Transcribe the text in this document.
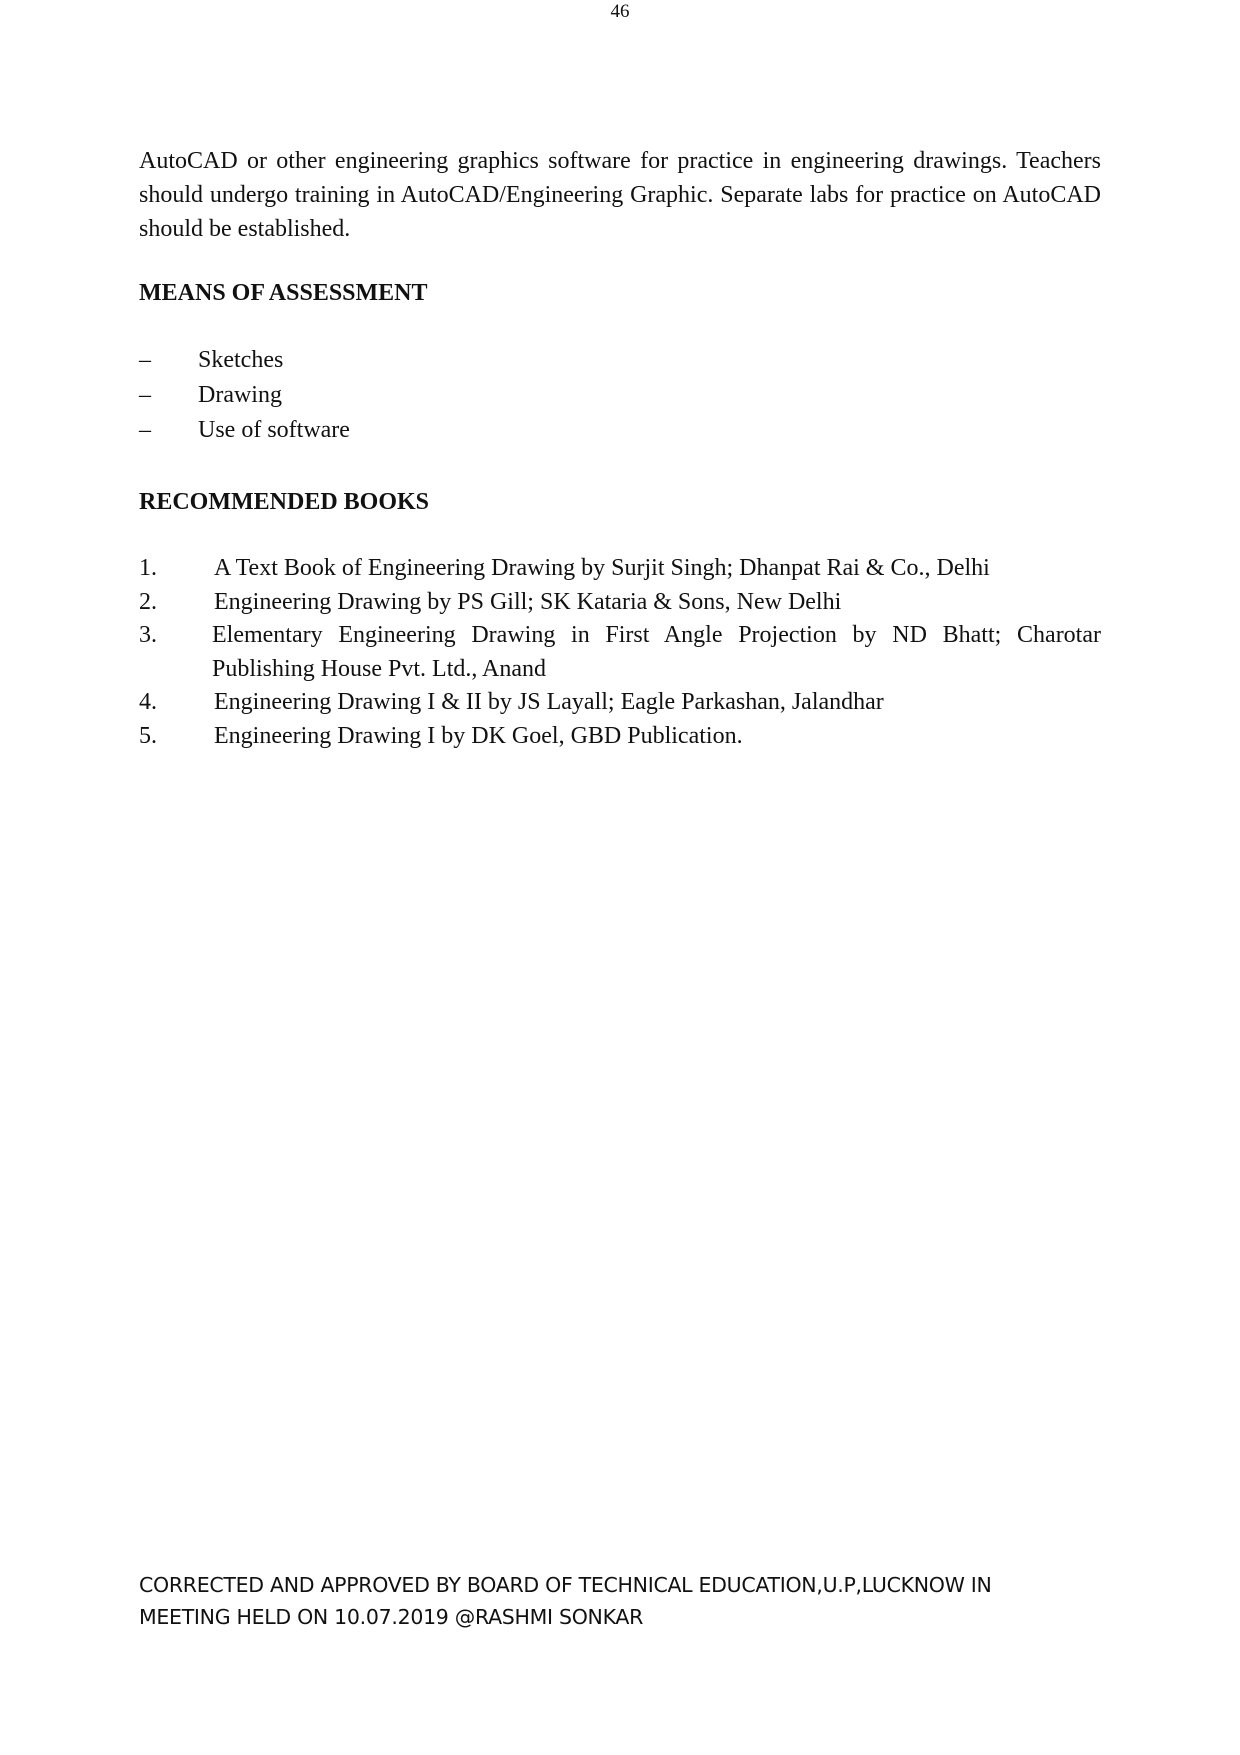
46

AutoCAD or other engineering graphics software for practice in engineering drawings. Teachers should undergo training in AutoCAD/Engineering Graphic. Separate labs for practice on AutoCAD should be established.

MEANS OF ASSESSMENT
–	Sketches
–	Drawing
–	Use of software
RECOMMENDED BOOKS
1.	A Text Book of Engineering Drawing by Surjit Singh; Dhanpat Rai & Co., Delhi
2.	Engineering Drawing by PS Gill; SK Kataria & Sons, New Delhi
3.	Elementary Engineering Drawing in First Angle Projection by ND Bhatt; Charotar Publishing House Pvt. Ltd., Anand
4.	Engineering Drawing I & II by JS Layall; Eagle Parkashan, Jalandhar
5.	Engineering Drawing I by DK Goel, GBD Publication.
CORRECTED AND APPROVED BY BOARD OF TECHNICAL EDUCATION,U.P,LUCKNOW IN
MEETING HELD ON 10.07.2019 @RASHMI SONKAR
